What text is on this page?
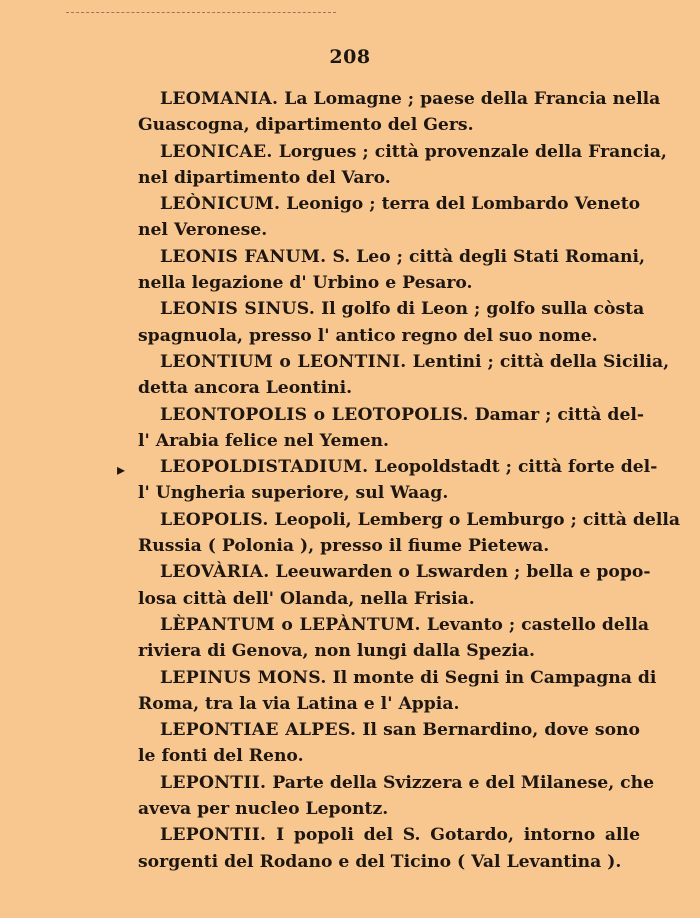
208
▸
LEOMANIA. La Lomagne ; paese della Francia nella
Guascogna, dipartimento del Gers.
LEONICAE. Lorgues ; città provenzale della Francia,
nel dipartimento del Varo.
LEÒNICUM. Leonigo ; terra del Lombardo Veneto
nel Veronese.
LEONIS FANUM. S. Leo ; città degli Stati Romani,
nella legazione d' Urbino e Pesaro.
LEONIS SINUS. Il golfo di Leon ; golfo sulla còsta
spagnuola, presso l' antico regno del suo nome.
LEONTIUM o LEONTINI. Lentini ; città della Sicilia,
detta ancora Leontini.
LEONTOPOLIS o LEOTOPOLIS. Damar ; città del-
l' Arabia felice nel Yemen.
LEOPOLDISTADIUM. Leopoldstadt ; città forte del-
l' Ungheria superiore, sul Waag.
LEOPOLIS. Leopoli, Lemberg o Lemburgo ; città della
Russia ( Polonia ), presso il fiume Pietewa.
LEOVÀRIA. Leeuwarden o Lswarden ; bella e popo-
losa città dell' Olanda, nella Frisia.
LÈPANTUM o LEPÀNTUM. Levanto ; castello della
riviera di Genova, non lungi dalla Spezia.
LEPINUS MONS. Il monte di Segni in Campagna di
Roma, tra la via Latina e l' Appia.
LEPONTIAE ALPES. Il san Bernardino, dove sono
le fonti del Reno.
LEPONTII. Parte della Svizzera e del Milanese, che
aveva per nucleo Lepontz.
LEPONTII. I popoli del S. Gotardo, intorno alle
sorgenti del Rodano e del Ticino ( Val Levantina ).
